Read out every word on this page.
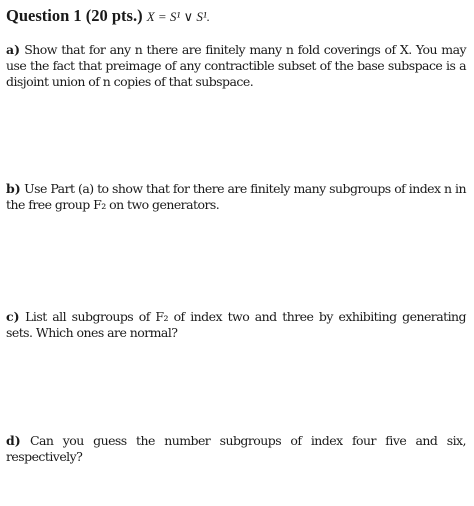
Question 1 (20 pts.) X = S¹ ∨ S¹.
a) Show that for any n there are finitely many n fold coverings of X. You may use the fact that preimage of any contractible subset of the base subspace is a disjoint union of n copies of that subspace.
b) Use Part (a) to show that for there are finitely many subgroups of index n in the free group F₂ on two generators.
c) List all subgroups of F₂ of index two and three by exhibiting generating sets. Which ones are normal?
d) Can you guess the number subgroups of index four five and six, respectively?
